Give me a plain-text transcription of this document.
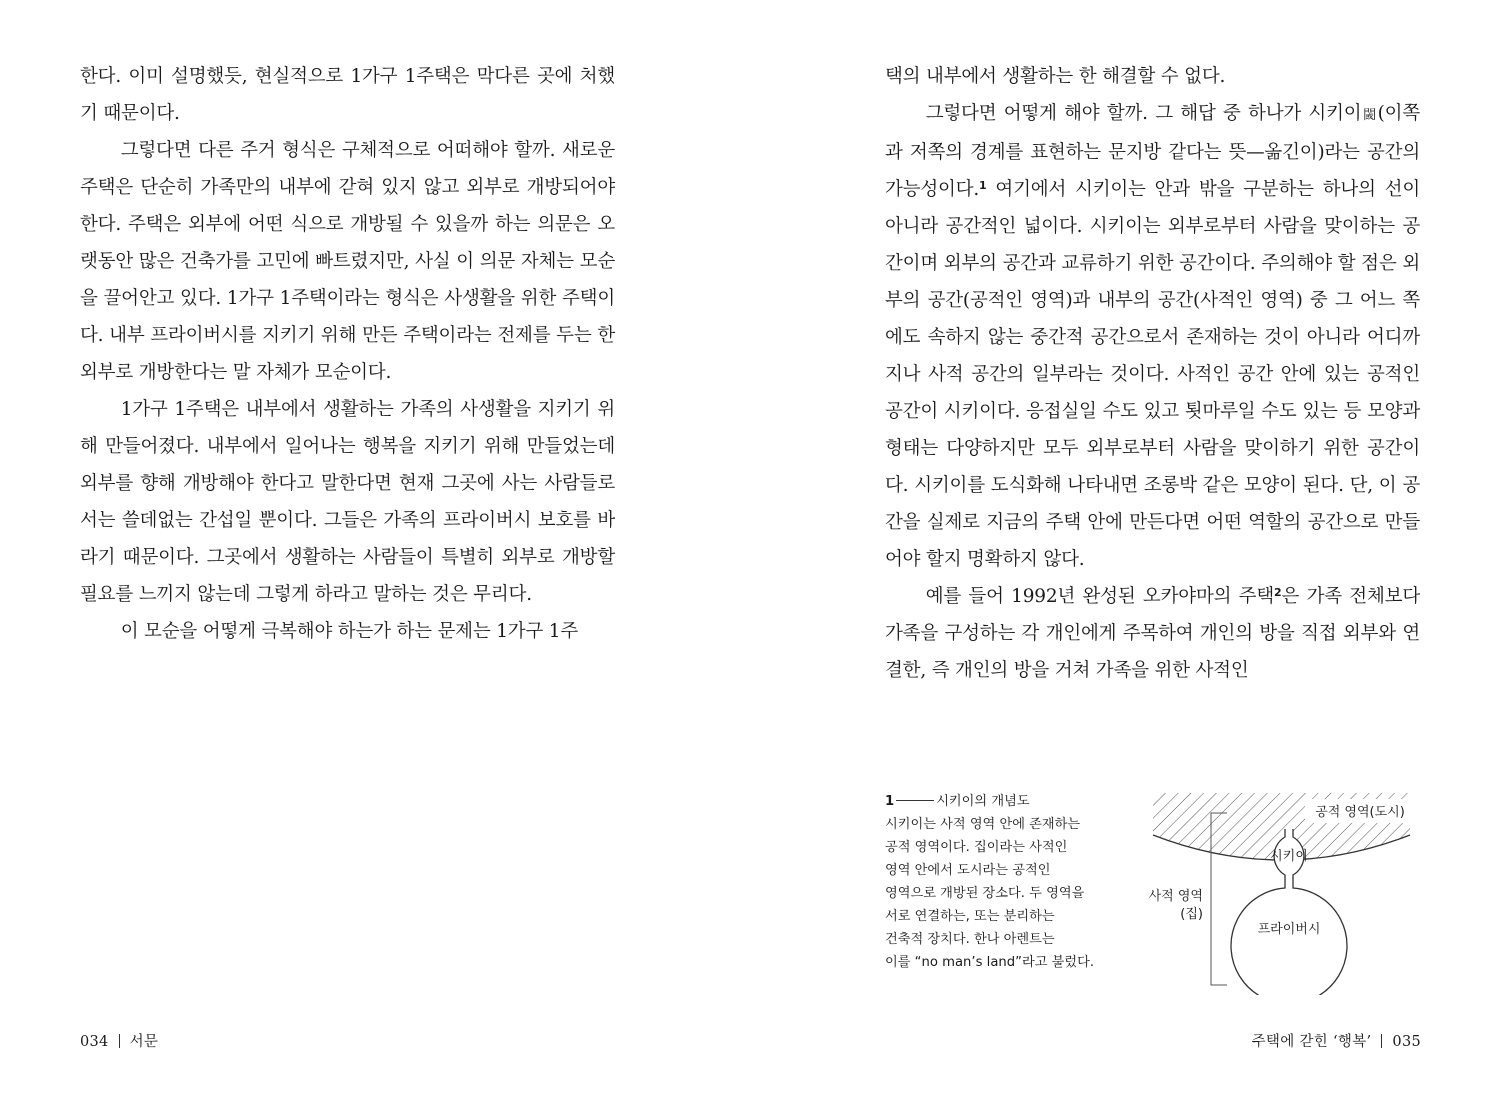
한다. 이미 설명했듯, 현실적으로 1가구 1주택은 막다른 곳에 처했기 때문이다.

그렇다면 다른 주거 형식은 구체적으로 어떠해야 할까. 새로운 주택은 단순히 가족만의 내부에 갇혀 있지 않고 외부로 개방되어야 한다. 주택은 외부에 어떤 식으로 개방될 수 있을까 하는 의문은 오랫동안 많은 건축가를 고민에 빠트렸지만, 사실 이 의문 자체는 모순을 끌어안고 있다. 1가구 1주택이라는 형식은 사생활을 위한 주택이다. 내부 프라이버시를 지키기 위해 만든 주택이라는 전제를 두는 한 외부로 개방한다는 말 자체가 모순이다.

1가구 1주택은 내부에서 생활하는 가족의 사생활을 지키기 위해 만들어졌다. 내부에서 일어나는 행복을 지키기 위해 만들었는데 외부를 향해 개방해야 한다고 말한다면 현재 그곳에 사는 사람들로서는 쓸데없는 간섭일 뿐이다. 그들은 가족의 프라이버시 보호를 바라기 때문이다. 그곳에서 생활하는 사람들이 특별히 외부로 개방할 필요를 느끼지 않는데 그렇게 하라고 말하는 것은 무리다.

이 모순을 어떻게 극복해야 하는가 하는 문제는 1가구 1주

택의 내부에서 생활하는 한 해결할 수 없다.

그렇다면 어떻게 해야 할까. 그 해답 중 하나가 시키이閾(이쪽과 저쪽의 경계를 표현하는 문지방 같다는 뜻—옮긴이)라는 공간의 가능성이다.$^1$ 여기에서 시키이는 안과 밖을 구분하는 하나의 선이 아니라 공간적인 넓이다. 시키이는 외부로부터 사람을 맞이하는 공간이며 외부의 공간과 교류하기 위한 공간이다. 주의해야 할 점은 외부의 공간(공적인 영역)과 내부의 공간(사적인 영역) 중 그 어느 쪽에도 속하지 않는 중간적 공간으로서 존재하는 것이 아니라 어디까지나 사적 공간의 일부라는 것이다. 사적인 공간 안에 있는 공적인 공간이 시키이다. 응접실일 수도 있고 툇마루일 수도 있는 등 모양과 형태는 다양하지만 모두 외부로부터 사람을 맞이하기 위한 공간이다. 시키이를 도식화해 나타내면 조롱박 같은 모양이 된다. 단, 이 공간을 실제로 지금의 주택 안에 만든다면 어떤 역할의 공간으로 만들어야 할지 명확하지 않다.

예를 들어 1992년 완성된 오카야마의 주택$^2$은 가족 전체보다 가족을 구성하는 각 개인에게 주목하여 개인의 방을 직접 외부와 연결한, 즉 개인의 방을 거쳐 가족을 위한 사적인

1	시키이의 개념도
시키이는 사적 영역 안에 존재하는
공적 영역이다. 집이라는 사적인
영역 안에서 도시라는 공적인
영역으로 개방된 장소다. 두 영역을
서로 연결하는, 또는 분리하는
건축적 장치다. 한나 아렌트는
이를 “no man’s land”라고 불렀다.
공적 영역(도시)
시키이
프라이버시
사적 영역
(집)
034 서문	주택에 갇힌 ‘행복’ 035
